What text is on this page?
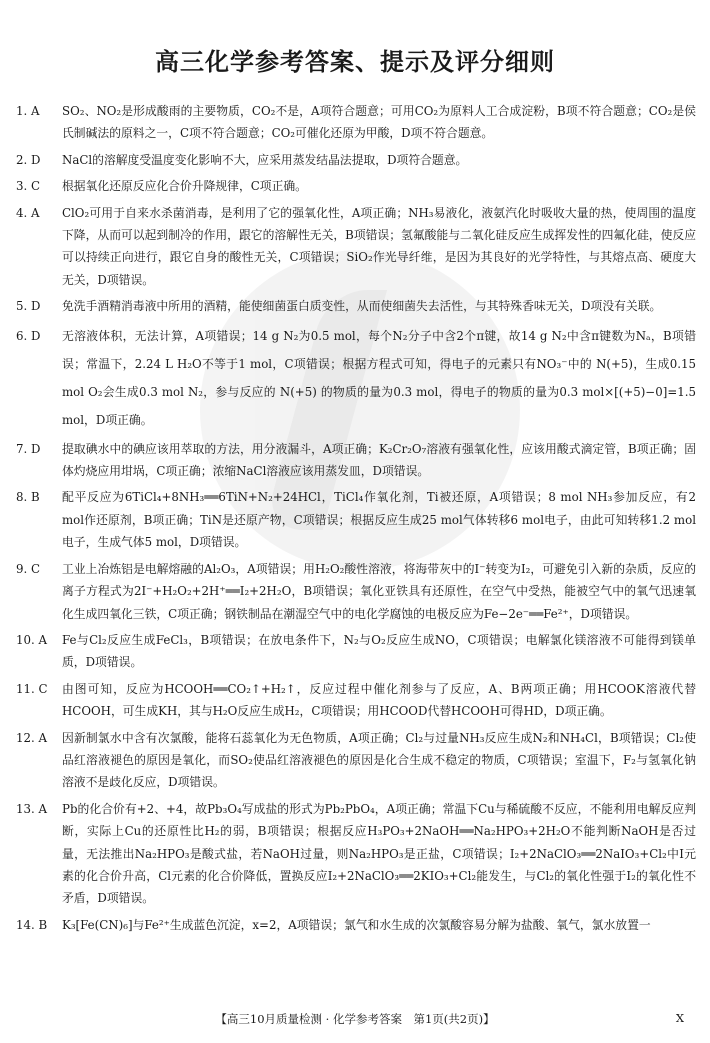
高三化学参考答案、提示及评分细则
1. A SO₂、NO₂是形成酸雨的主要物质，CO₂不是，A项符合题意；可用CO₂为原料人工合成淀粉，B项不符合题意；CO₂是侯氏制碱法的原料之一，C项不符合题意；CO₂可催化还原为甲酸，D项不符合题意。
2. D NaCl的溶解度受温度变化影响不大，应采用蒸发结晶法提取，D项符合题意。
3. C 根据氧化还原反应化合价升降规律，C项正确。
4. A ClO₂可用于自来水杀菌消毒，是利用了它的强氧化性，A项正确；NH₃易液化，液氨汽化时吸收大量的热，使周围的温度下降，从而可以起到制冷的作用，跟它的溶解性无关，B项错误；氢氟酸能与二氧化硅反应生成挥发性的四氟化硅，使反应可以持续正向进行，跟它自身的酸性无关，C项错误；SiO₂作光导纤维，是因为其良好的光学特性，与其熔点高、硬度大无关，D项错误。
5. D 免洗手酒精消毒液中所用的酒精，能使细菌蛋白质变性，从而使细菌失去活性，与其特殊香味无关，D项没有关联。
6. D 无溶液体积，无法计算，A项错误；14 g N₂为0.5 mol，每个N₂分子中含2个π键，故14 g N₂中含π键数为Nₐ，B项错误；常温下，2.24 L H₂O不等于1 mol，C项错误；根据方程式可知，得电子的元素只有NO₃⁻中的 N(+5)，生成0.15 mol O₂会生成0.3 mol N₂，参与反应的 N(+5) 的物质的量为0.3 mol，得电子的物质的量为0.3 mol×[(+5)−0]=1.5 mol，D项正确。
7. D 提取碘水中的碘应该用萃取的方法，用分液漏斗，A项正确；K₂Cr₂O₇溶液有强氧化性，应该用酸式滴定管，B项正确；固体灼烧应用坩埚，C项正确；浓缩NaCl溶液应该用蒸发皿，D项错误。
8. B 配平反应为6TiCl₄+8NH₃══6TiN+N₂+24HCl，TiCl₄作氧化剂，Ti被还原，A项错误；8 mol NH₃参加反应，有2 mol作还原剂，B项正确；TiN是还原产物，C项错误；根据反应生成25 mol气体转移6 mol电子，由此可知转移1.2 mol电子，生成气体5 mol，D项错误。
9. C 工业上冶炼铝是电解熔融的Al₂O₃，A项错误；用H₂O₂酸性溶液，将海带灰中的I⁻转变为I₂，可避免引入新的杂质，反应的离子方程式为2I⁻+H₂O₂+2H⁺══I₂+2H₂O，B项错误；氧化亚铁具有还原性，在空气中受热，能被空气中的氧气迅速氧化生成四氧化三铁，C项正确；钢铁制品在潮湿空气中的电化学腐蚀的电极反应为Fe−2e⁻══Fe²⁺，D项错误。
10. A Fe与Cl₂反应生成FeCl₃，B项错误；在放电条件下，N₂与O₂反应生成NO，C项错误；电解氯化镁溶液不可能得到镁单质，D项错误。
11. C 由图可知，反应为HCOOH══CO₂↑+H₂↑，反应过程中催化剂参与了反应，A、B两项正确；用HCOOK溶液代替HCOOH，可生成KH，其与H₂O反应生成H₂，C项错误；用HCOOD代替HCOOH可得HD，D项正确。
12. A 因新制氯水中含有次氯酸，能将石蕊氧化为无色物质，A项正确；Cl₂与过量NH₃反应生成N₂和NH₄Cl，B项错误；Cl₂使品红溶液褪色的原因是氧化，而SO₂使品红溶液褪色的原因是化合生成不稳定的物质，C项错误；室温下，F₂与氢氧化钠溶液不是歧化反应，D项错误。
13. A Pb的化合价有+2、+4，故Pb₃O₄写成盐的形式为Pb₂PbO₄，A项正确；常温下Cu与稀硫酸不反应，不能利用电解反应判断，实际上Cu的还原性比H₂的弱，B项错误；根据反应H₃PO₃+2NaOH══Na₂HPO₃+2H₂O不能判断NaOH是否过量，无法推出Na₂HPO₃是酸式盐，若NaOH过量，则Na₂HPO₃是正盐，C项错误；I₂+2NaClO₃══2NaIO₃+Cl₂中I元素的化合价升高，Cl元素的化合价降低，置换反应I₂+2NaClO₃══2KIO₃+Cl₂能发生，与Cl₂的氧化性强于I₂的氧化性不矛盾，D项错误。
14. B K₃[Fe(CN)₆]与Fe²⁺生成蓝色沉淀，x=2，A项错误；氯气和水生成的次氯酸容易分解为盐酸、氧气，氯水放置一
【高三10月质量检测 · 化学参考答案　第1页(共2页)】	X
